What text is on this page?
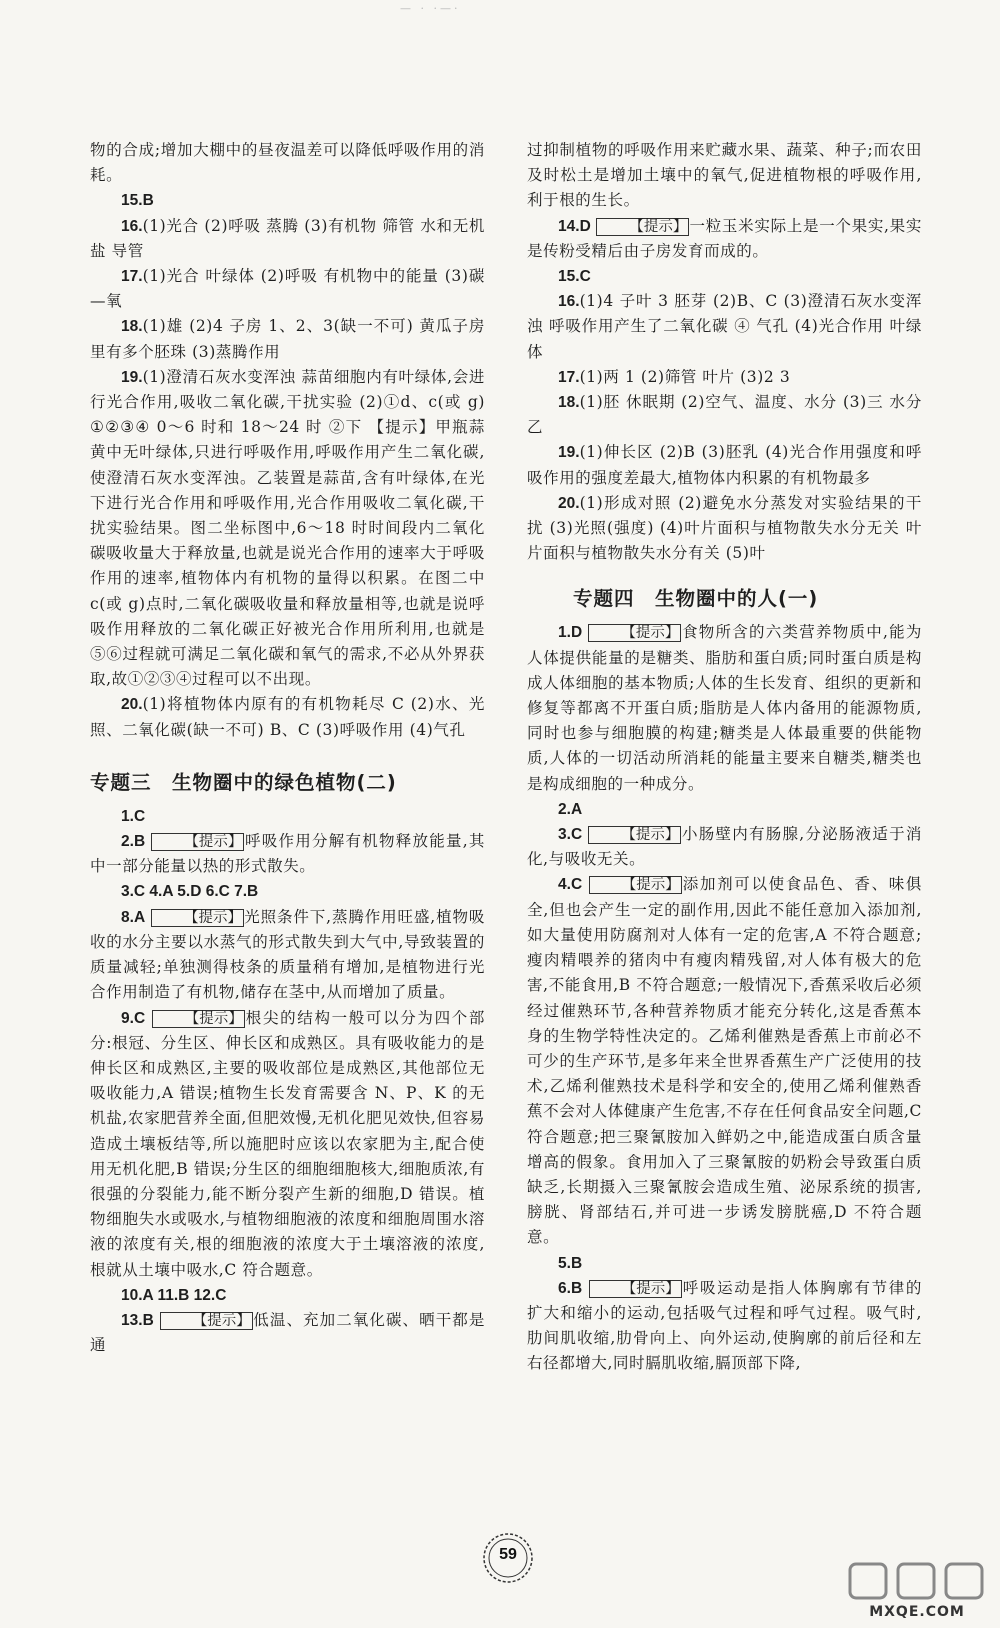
— · ·—·

物的合成;增加大棚中的昼夜温差可以降低呼吸作用的消耗。

15.B

16.(1)光合 (2)呼吸 蒸腾 (3)有机物 筛管 水和无机盐 导管

17.(1)光合 叶绿体 (2)呼吸 有机物中的能量 (3)碳—氧

18.(1)雄 (2)4 子房 1、2、3(缺一不可) 黄瓜子房里有多个胚珠 (3)蒸腾作用

19.(1)澄清石灰水变浑浊 蒜苗细胞内有叶绿体,会进行光合作用,吸收二氧化碳,干扰实验 (2)①d、c(或 g) ①②③④ 0～6 时和 18～24 时 ②下 【提示】甲瓶蒜黄中无叶绿体,只进行呼吸作用,呼吸作用产生二氧化碳,使澄清石灰水变浑浊。乙装置是蒜苗,含有叶绿体,在光下进行光合作用和呼吸作用,光合作用吸收二氧化碳,干扰实验结果。图二坐标图中,6～18 时时间段内二氧化碳吸收量大于释放量,也就是说光合作用的速率大于呼吸作用的速率,植物体内有机物的量得以积累。在图二中 c(或 g)点时,二氧化碳吸收量和释放量相等,也就是说呼吸作用释放的二氧化碳正好被光合作用所利用,也就是⑤⑥过程就可满足二氧化碳和氧气的需求,不必从外界获取,故①②③④过程可以不出现。

20.(1)将植物体内原有的有机物耗尽 C (2)水、光照、二氧化碳(缺一不可) B、C (3)呼吸作用 (4)气孔

专题三　生物圈中的绿色植物(二)

1.C

2.B	【提示】 呼吸作用分解有机物释放能量,其中一部分能量以热的形式散失。

3.C 4.A 5.D 6.C 7.B

8.A	【提示】 光照条件下,蒸腾作用旺盛,植物吸收的水分主要以水蒸气的形式散失到大气中,导致装置的质量减轻;单独测得枝条的质量稍有增加,是植物进行光合作用制造了有机物,储存在茎中,从而增加了质量。

9.C	【提示】 根尖的结构一般可以分为四个部分:根冠、分生区、伸长区和成熟区。具有吸收能力的是伸长区和成熟区,主要的吸收部位是成熟区,其他部位无吸收能力,A 错误;植物生长发育需要含 N、P、K 的无机盐,农家肥营养全面,但肥效慢,无机化肥见效快,但容易造成土壤板结等,所以施肥时应该以农家肥为主,配合使用无机化肥,B 错误;分生区的细胞细胞核大,细胞质浓,有很强的分裂能力,能不断分裂产生新的细胞,D 错误。植物细胞失水或吸水,与植物细胞液的浓度和细胞周围水溶液的浓度有关,根的细胞液的浓度大于土壤溶液的浓度,根就从土壤中吸水,C 符合题意。

10.A 11.B 12.C

13.B	【提示】 低温、充加二氧化碳、晒干都是通

过抑制植物的呼吸作用来贮藏水果、蔬菜、种子;而农田及时松土是增加土壤中的氧气,促进植物根的呼吸作用,利于根的生长。

14.D	【提示】 一粒玉米实际上是一个果实,果实是传粉受精后由子房发育而成的。

15.C

16.(1)4 子叶 3 胚芽 (2)B、C (3)澄清石灰水变浑浊 呼吸作用产生了二氧化碳 ④ 气孔 (4)光合作用 叶绿体

17.(1)两 1 (2)筛管 叶片 (3)2 3

18.(1)胚 休眠期 (2)空气、温度、水分 (3)三 水分 乙

19.(1)伸长区 (2)B (3)胚乳 (4)光合作用强度和呼吸作用的强度差最大,植物体内积累的有机物最多

20.(1)形成对照 (2)避免水分蒸发对实验结果的干扰 (3)光照(强度) (4)叶片面积与植物散失水分无关 叶片面积与植物散失水分有关 (5)叶

专题四　生物圈中的人(一)

1.D	【提示】 食物所含的六类营养物质中,能为人体提供能量的是糖类、脂肪和蛋白质;同时蛋白质是构成人体细胞的基本物质;人体的生长发育、组织的更新和修复等都离不开蛋白质;脂肪是人体内备用的能源物质,同时也参与细胞膜的构建;糖类是人体最重要的供能物质,人体的一切活动所消耗的能量主要来自糖类,糖类也是构成细胞的一种成分。

2.A

3.C	【提示】 小肠壁内有肠腺,分泌肠液适于消化,与吸收无关。

4.C	【提示】 添加剂可以使食品色、香、味俱全,但也会产生一定的副作用,因此不能任意加入添加剂,如大量使用防腐剂对人体有一定的危害,A 不符合题意;瘦肉精喂养的猪肉中有瘦肉精残留,对人体有极大的危害,不能食用,B 不符合题意;一般情况下,香蕉采收后必须经过催熟环节,各种营养物质才能充分转化,这是香蕉本身的生物学特性决定的。乙烯利催熟是香蕉上市前必不可少的生产环节,是多年来全世界香蕉生产广泛使用的技术,乙烯利催熟技术是科学和安全的,使用乙烯利催熟香蕉不会对人体健康产生危害,不存在任何食品安全问题,C 符合题意;把三聚氰胺加入鲜奶之中,能造成蛋白质含量增高的假象。食用加入了三聚氰胺的奶粉会导致蛋白质缺乏,长期摄入三聚氰胺会造成生殖、泌尿系统的损害,膀胱、肾部结石,并可进一步诱发膀胱癌,D 不符合题意。

5.B

6.B	【提示】 呼吸运动是指人体胸廓有节律的扩大和缩小的运动,包括吸气过程和呼气过程。吸气时,肋间肌收缩,肋骨向上、向外运动,使胸廓的前后径和左右径都增大,同时膈肌收缩,膈顶部下降,

59
MXQE.COM
